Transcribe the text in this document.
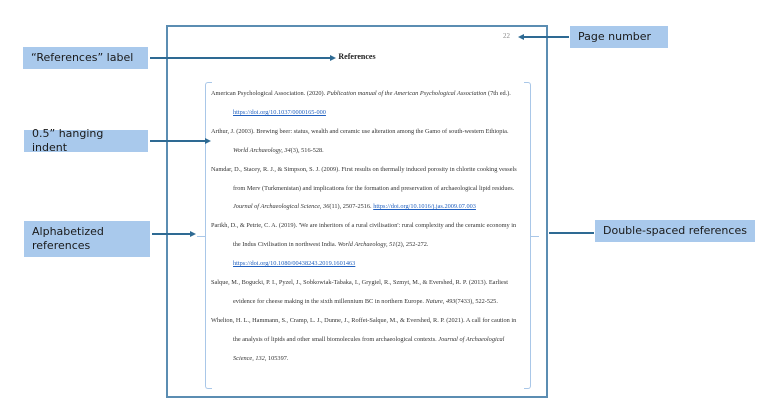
22
References
American Psychological Association. (2020). Publication manual of the American Psychological Association (7th ed.). https://doi.org/10.1037/0000165-000
Arthur, J. (2003). Brewing beer: status, wealth and ceramic use alteration among the Gamo of south-western Ethiopia. World Archaeology, 34(3), 516-528.
Namdar, D., Stacey, R. J., & Simpson, S. J. (2009). First results on thermally induced porosity in chlorite cooking vessels from Merv (Turkmenistan) and implications for the formation and preservation of archaeological lipid residues. Journal of Archaeological Science, 36(11), 2507-2516. https://doi.org/10.1016/j.jas.2009.07.003
Parikh, D., & Petrie, C. A. (2019). 'We are inheritors of a rural civilisation': rural complexity and the ceramic economy in the Indus Civilisation in northwest India. World Archaeology, 51(2), 252-272. https://doi.org/10.1080/00438243.2019.1601463
Salque, M., Bogucki, P. I., Pyzel, J., Sobkowiak-Tabaka, I., Grygiel, R., Szmyt, M., & Evershed, R. P. (2013). Earliest evidence for cheese making in the sixth millennium BC in northern Europe. Nature, 493(7433), 522-525.
Whelton, H. L., Hammann, S., Cramp, L. J., Dunne, J., Roffet-Salque, M., & Evershed, R. P. (2021). A call for caution in the analysis of lipids and other small biomolecules from archaeological contexts. Journal of Archaeological Science, 132, 105397.
“References” label
0.5” hanging indent
Alphabetized references
Page number
Double-spaced references
